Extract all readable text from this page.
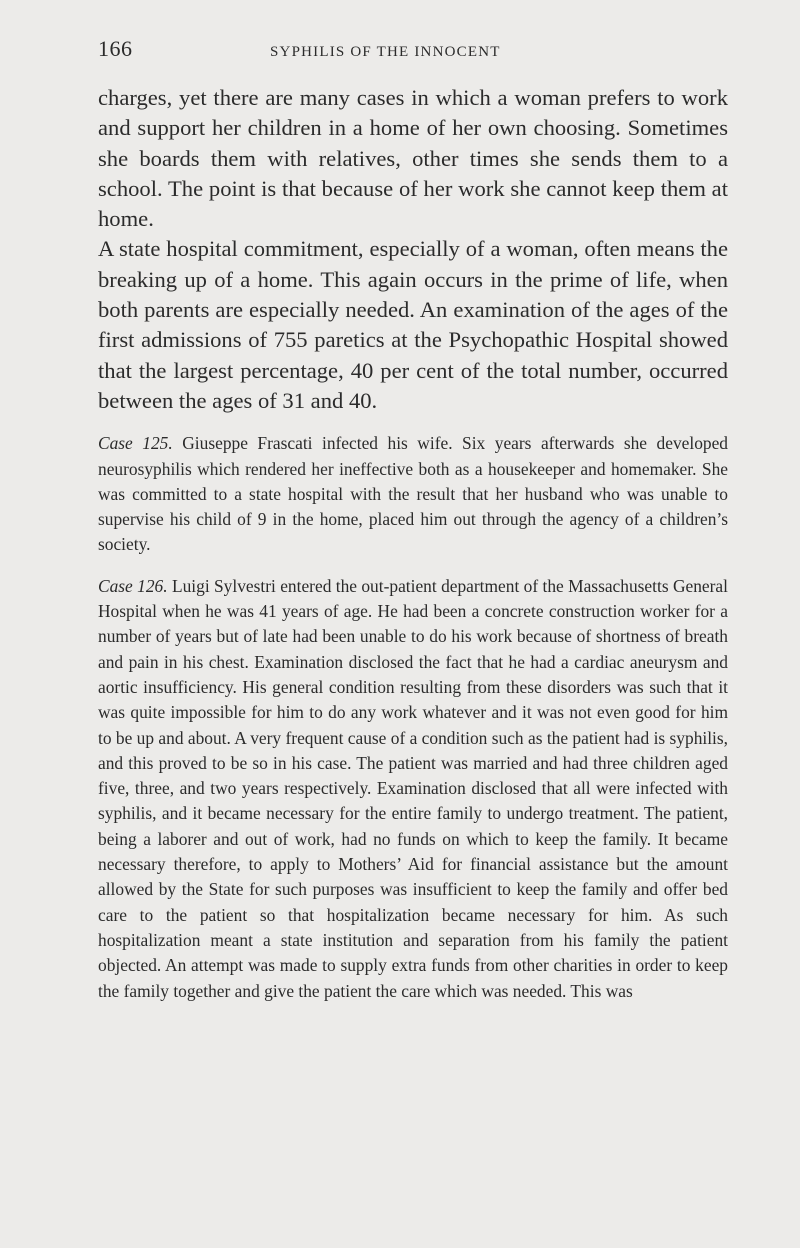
166	SYPHILIS OF THE INNOCENT

charges, yet there are many cases in which a woman prefers to work and support her children in a home of her own choosing. Sometimes she boards them with relatives, other times she sends them to a school. The point is that because of her work she cannot keep them at home.

A state hospital commitment, especially of a woman, often means the breaking up of a home. This again occurs in the prime of life, when both parents are especially needed. An examination of the ages of the first admissions of 755 paretics at the Psychopathic Hospital showed that the largest percentage, 40 per cent of the total number, occurred between the ages of 31 and 40.

Case 125. Giuseppe Frascati infected his wife. Six years afterwards she developed neurosyphilis which rendered her ineffective both as a housekeeper and homemaker. She was committed to a state hospital with the result that her husband who was unable to supervise his child of 9 in the home, placed him out through the agency of a children’s society.

Case 126. Luigi Sylvestri entered the out-patient department of the Massachusetts General Hospital when he was 41 years of age. He had been a concrete construction worker for a number of years but of late had been unable to do his work because of shortness of breath and pain in his chest. Examination disclosed the fact that he had a cardiac aneurysm and aortic insufficiency. His general condition resulting from these disorders was such that it was quite impossible for him to do any work whatever and it was not even good for him to be up and about. A very frequent cause of a condition such as the patient had is syphilis, and this proved to be so in his case. The patient was married and had three children aged five, three, and two years respectively. Examination disclosed that all were infected with syphilis, and it became necessary for the entire family to undergo treatment. The patient, being a laborer and out of work, had no funds on which to keep the family. It became necessary therefore, to apply to Mothers’ Aid for financial assistance but the amount allowed by the State for such purposes was insufficient to keep the family and offer bed care to the patient so that hospitalization became necessary for him. As such hospitalization meant a state institution and separation from his family the patient objected. An attempt was made to supply extra funds from other charities in order to keep the family together and give the patient the care which was needed. This was
